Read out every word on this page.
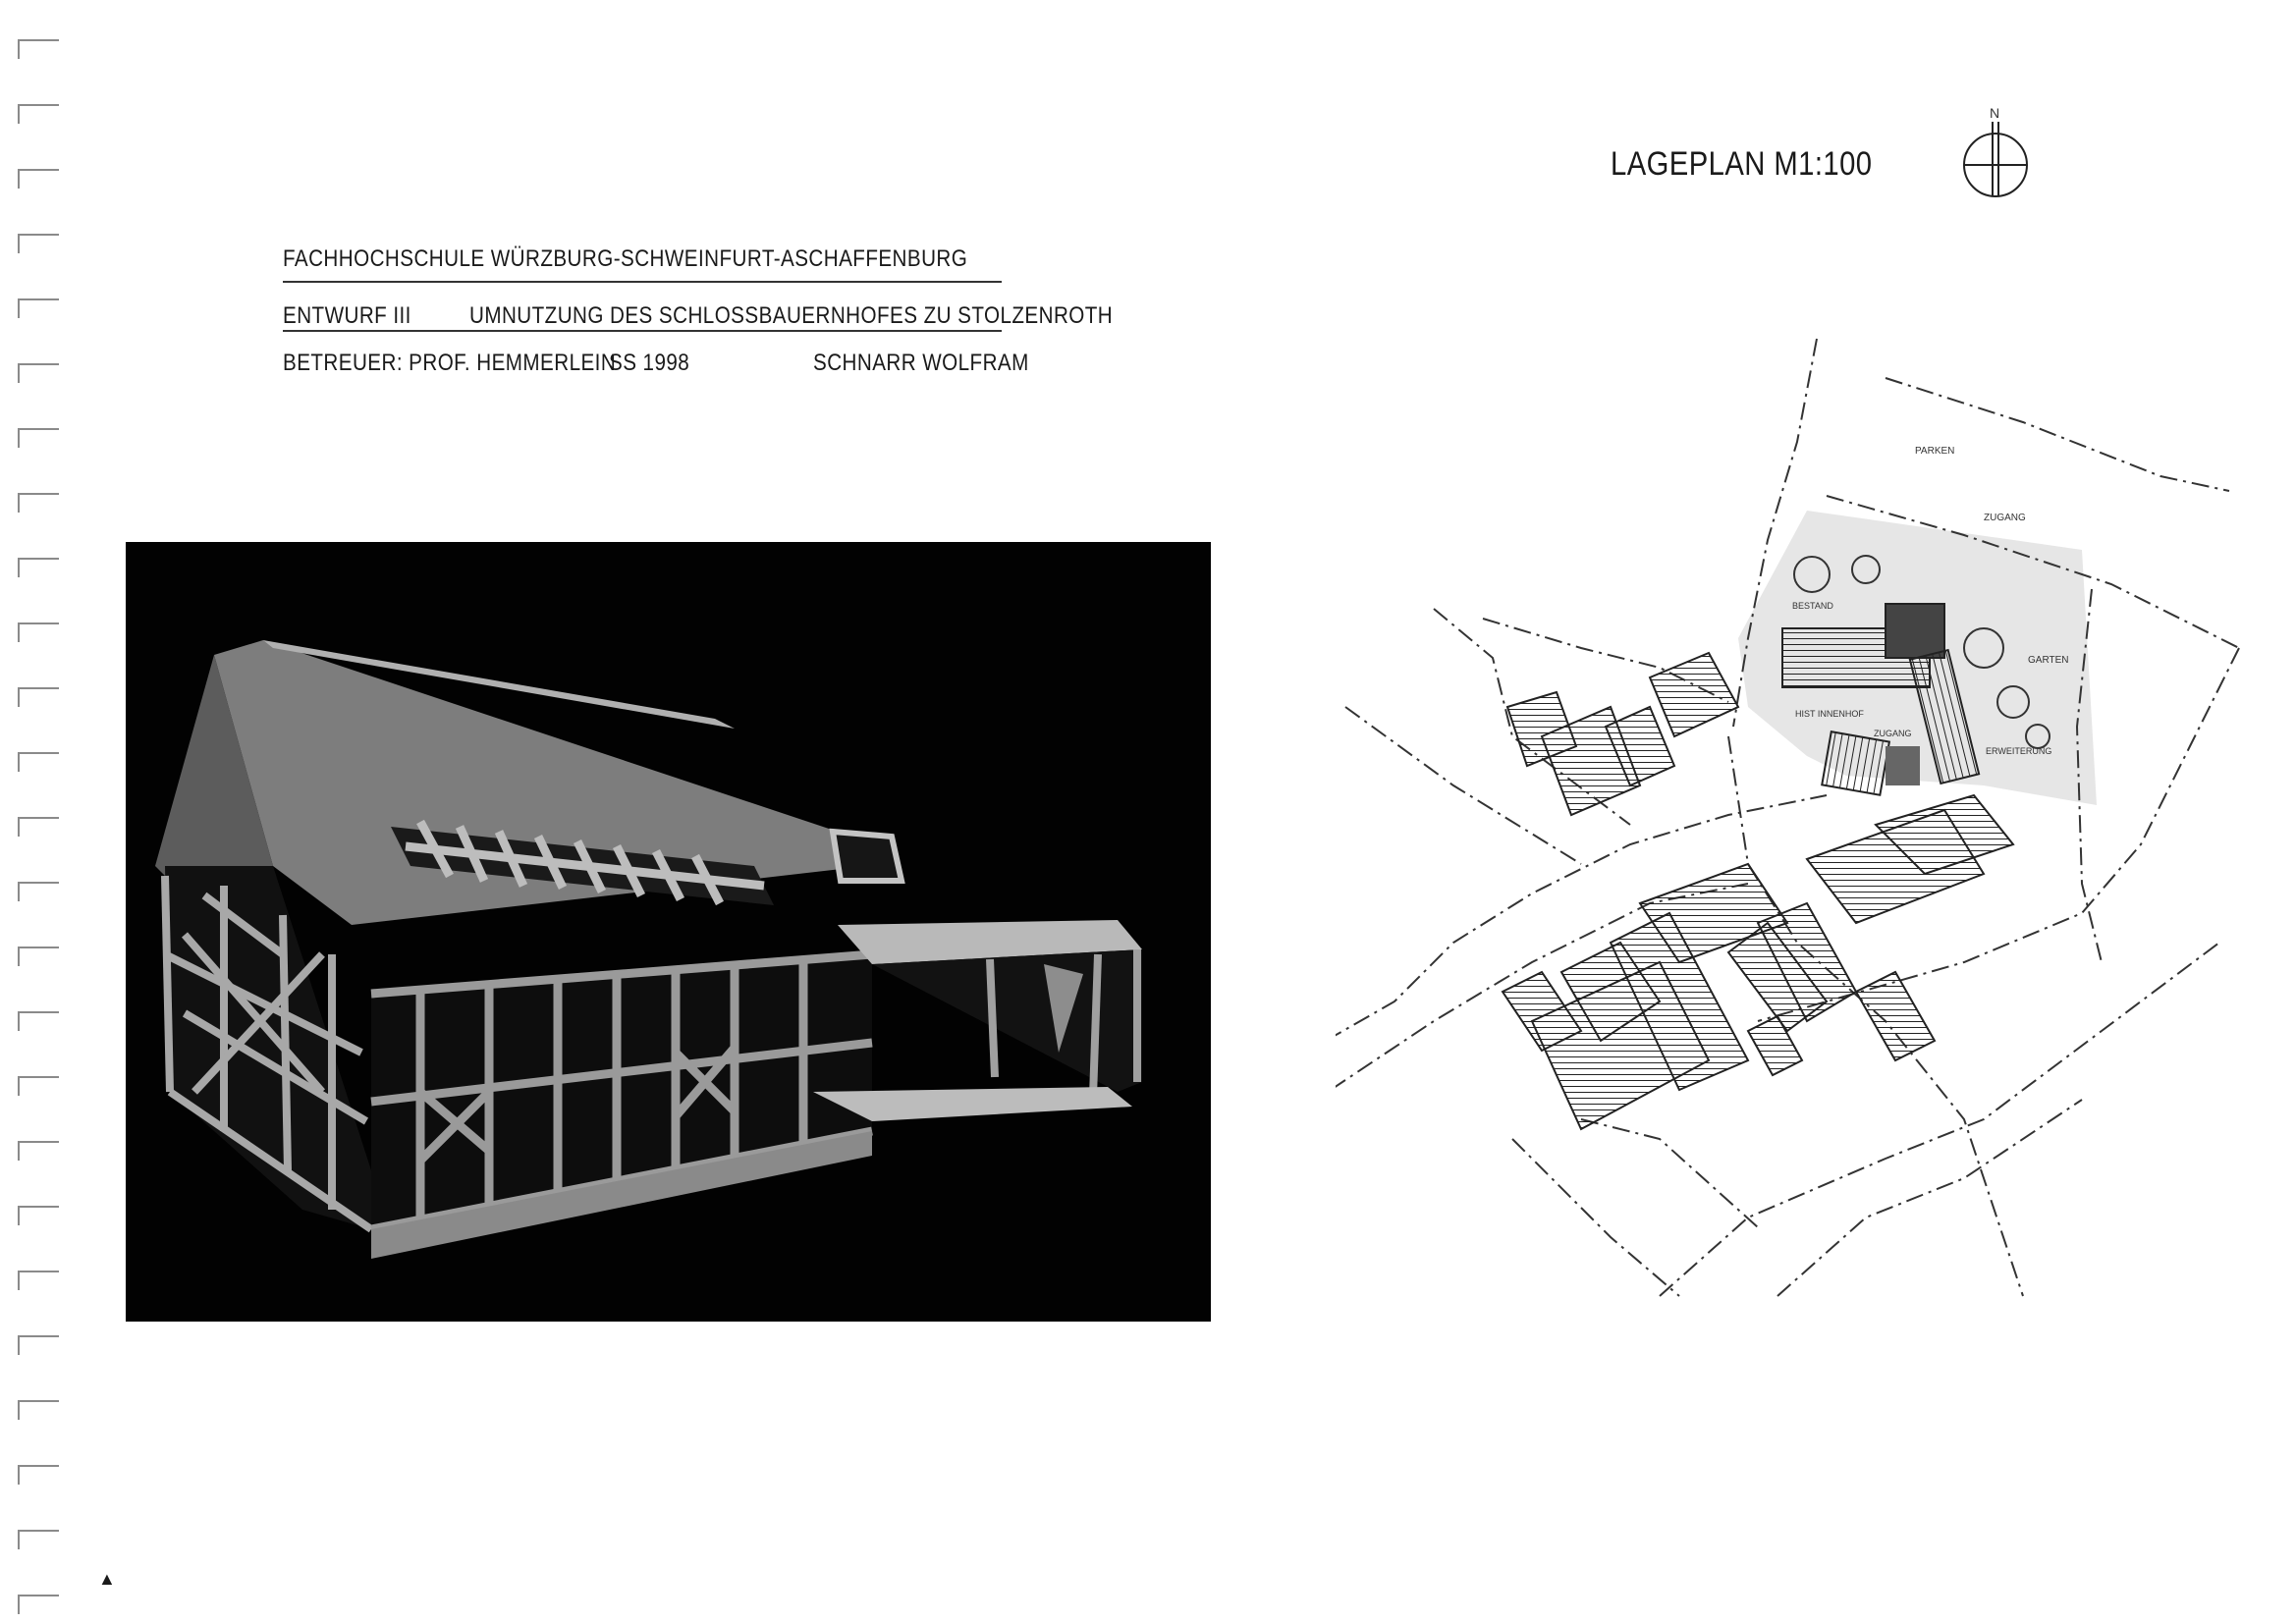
FACHHOCHSCHULE WÜRZBURG-SCHWEINFURT-ASCHAFFENBURG
ENTWURF III UMNUTZUNG DES SCHLOSSBAUERNHOFES ZU STOLZENROTH
BETREUER: PROF. HEMMERLEIN
SS 1998	SCHNARR WOLFRAM
LAGEPLAN M1:100
N
PARKEN
ZUGANG
BESTAND
GARTEN
HIST INNENHOF
ZUGANG
ERWEITERUNG
▲
